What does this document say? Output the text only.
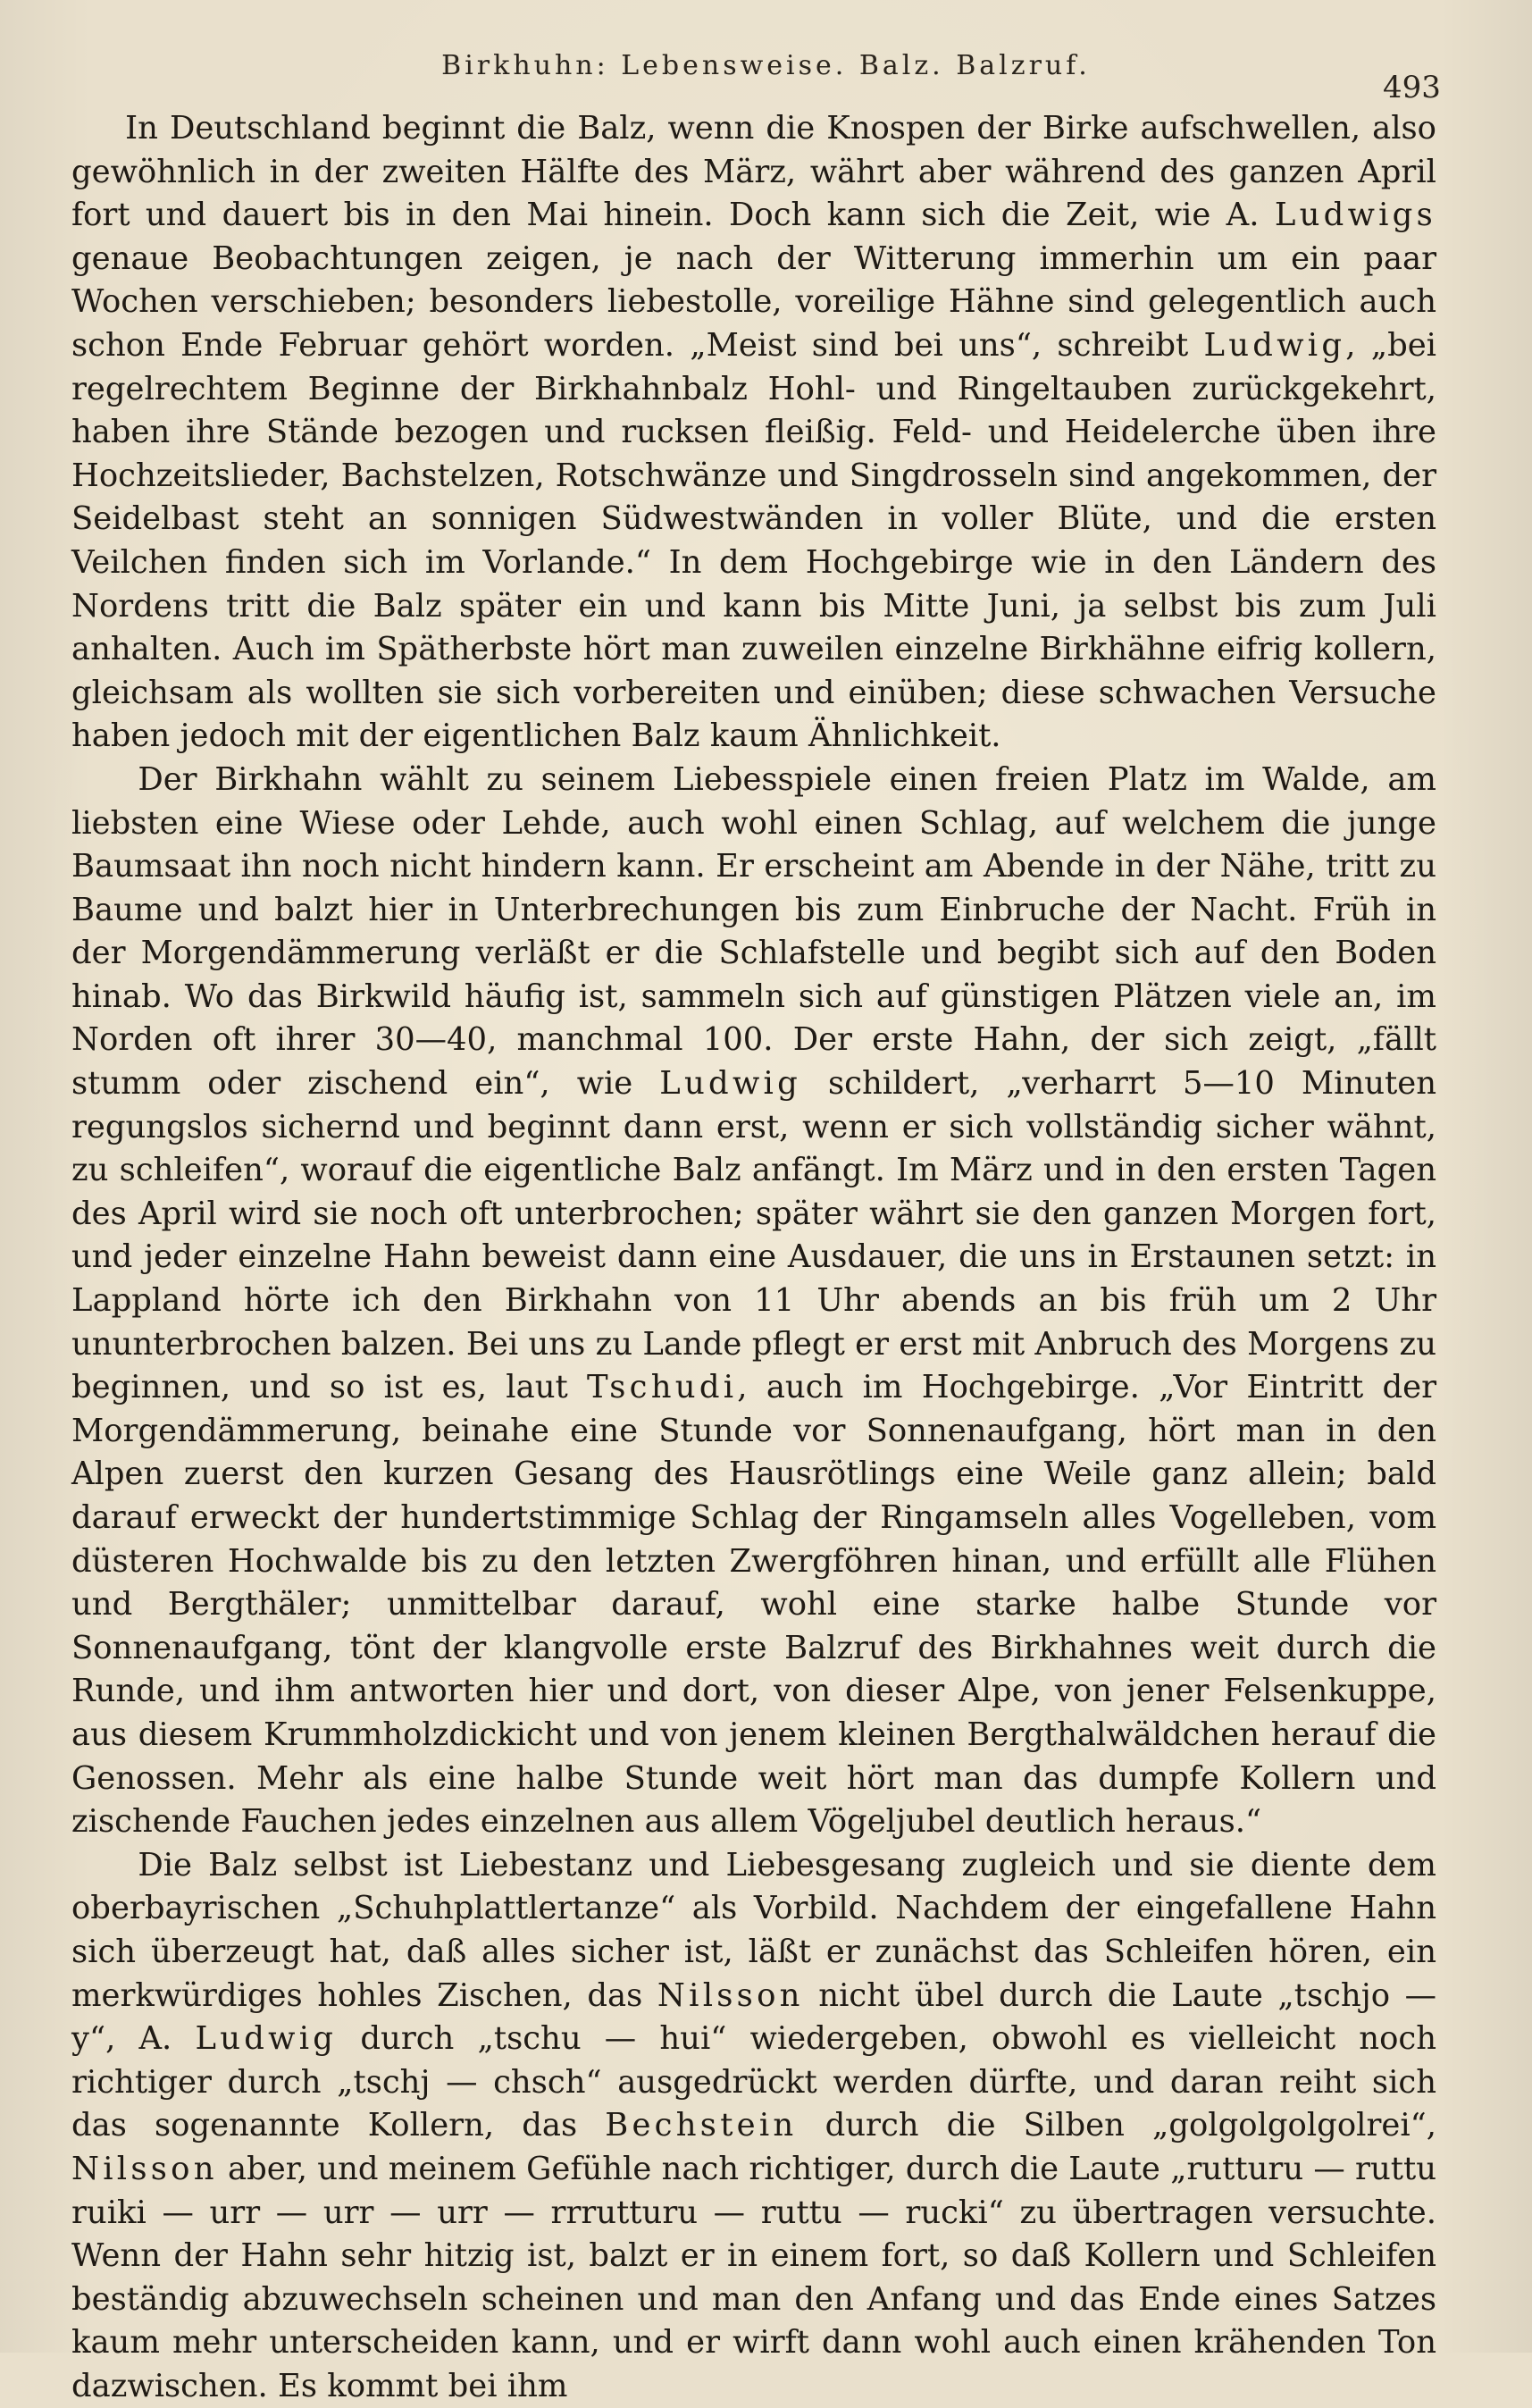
Birkhuhn: Lebensweise. Balz. Balzruf.
493

In Deutschland beginnt die Balz, wenn die Knospen der Birke aufschwellen, also gewöhnlich in der zweiten Hälfte des März, währt aber während des ganzen April fort und dauert bis in den Mai hinein. Doch kann sich die Zeit, wie A. Ludwigs genaue Beobachtungen zeigen, je nach der Witterung immerhin um ein paar Wochen verschieben; besonders liebestolle, voreilige Hähne sind gelegentlich auch schon Ende Februar gehört worden. „Meist sind bei uns“, schreibt Ludwig, „bei regelrechtem Beginne der Birkhahnbalz Hohl- und Ringeltauben zurückgekehrt, haben ihre Stände bezogen und rucksen fleißig. Feld- und Heidelerche üben ihre Hochzeitslieder, Bachstelzen, Rotschwänze und Singdrosseln sind angekommen, der Seidelbast steht an sonnigen Südwestwänden in voller Blüte, und die ersten Veilchen finden sich im Vorlande.“ In dem Hochgebirge wie in den Ländern des Nordens tritt die Balz später ein und kann bis Mitte Juni, ja selbst bis zum Juli anhalten. Auch im Spätherbste hört man zuweilen einzelne Birkhähne eifrig kollern, gleichsam als wollten sie sich vorbereiten und einüben; diese schwachen Versuche haben jedoch mit der eigentlichen Balz kaum Ähnlichkeit.

Der Birkhahn wählt zu seinem Liebesspiele einen freien Platz im Walde, am liebsten eine Wiese oder Lehde, auch wohl einen Schlag, auf welchem die junge Baumsaat ihn noch nicht hindern kann. Er erscheint am Abende in der Nähe, tritt zu Baume und balzt hier in Unterbrechungen bis zum Einbruche der Nacht. Früh in der Morgendämmerung verläßt er die Schlafstelle und begibt sich auf den Boden hinab. Wo das Birkwild häufig ist, sammeln sich auf günstigen Plätzen viele an, im Norden oft ihrer 30—40, manchmal 100. Der erste Hahn, der sich zeigt, „fällt stumm oder zischend ein“, wie Ludwig schildert, „verharrt 5—10 Minuten regungslos sichernd und beginnt dann erst, wenn er sich vollständig sicher wähnt, zu schleifen“, worauf die eigentliche Balz anfängt. Im März und in den ersten Tagen des April wird sie noch oft unterbrochen; später währt sie den ganzen Morgen fort, und jeder einzelne Hahn beweist dann eine Ausdauer, die uns in Erstaunen setzt: in Lappland hörte ich den Birkhahn von 11 Uhr abends an bis früh um 2 Uhr ununterbrochen balzen. Bei uns zu Lande pflegt er erst mit Anbruch des Morgens zu beginnen, und so ist es, laut Tschudi, auch im Hochgebirge. „Vor Eintritt der Morgendämmerung, beinahe eine Stunde vor Sonnenaufgang, hört man in den Alpen zuerst den kurzen Gesang des Hausrötlings eine Weile ganz allein; bald darauf erweckt der hundertstimmige Schlag der Ringamseln alles Vogelleben, vom düsteren Hochwalde bis zu den letzten Zwergföhren hinan, und erfüllt alle Flühen und Bergthäler; unmittelbar darauf, wohl eine starke halbe Stunde vor Sonnenaufgang, tönt der klangvolle erste Balzruf des Birkhahnes weit durch die Runde, und ihm antworten hier und dort, von dieser Alpe, von jener Felsenkuppe, aus diesem Krummholzdickicht und von jenem kleinen Bergthalwäldchen herauf die Genossen. Mehr als eine halbe Stunde weit hört man das dumpfe Kollern und zischende Fauchen jedes einzelnen aus allem Vögeljubel deutlich heraus.“

Die Balz selbst ist Liebestanz und Liebesgesang zugleich und sie diente dem oberbayrischen „Schuhplattlertanze“ als Vorbild. Nachdem der eingefallene Hahn sich überzeugt hat, daß alles sicher ist, läßt er zunächst das Schleifen hören, ein merkwürdiges hohles Zischen, das Nilsson nicht übel durch die Laute „tschjo — y“, A. Ludwig durch „tschu — hui“ wiedergeben, obwohl es vielleicht noch richtiger durch „tschj — chsch“ ausgedrückt werden dürfte, und daran reiht sich das sogenannte Kollern, das Bechstein durch die Silben „golgolgolgolrei“, Nilsson aber, und meinem Gefühle nach richtiger, durch die Laute „rutturu — ruttu ruiki — urr — urr — urr — rrrutturu — ruttu — rucki“ zu übertragen versuchte. Wenn der Hahn sehr hitzig ist, balzt er in einem fort, so daß Kollern und Schleifen beständig abzuwechseln scheinen und man den Anfang und das Ende eines Satzes kaum mehr unterscheiden kann, und er wirft dann wohl auch einen krähenden Ton dazwischen. Es kommt bei ihm
